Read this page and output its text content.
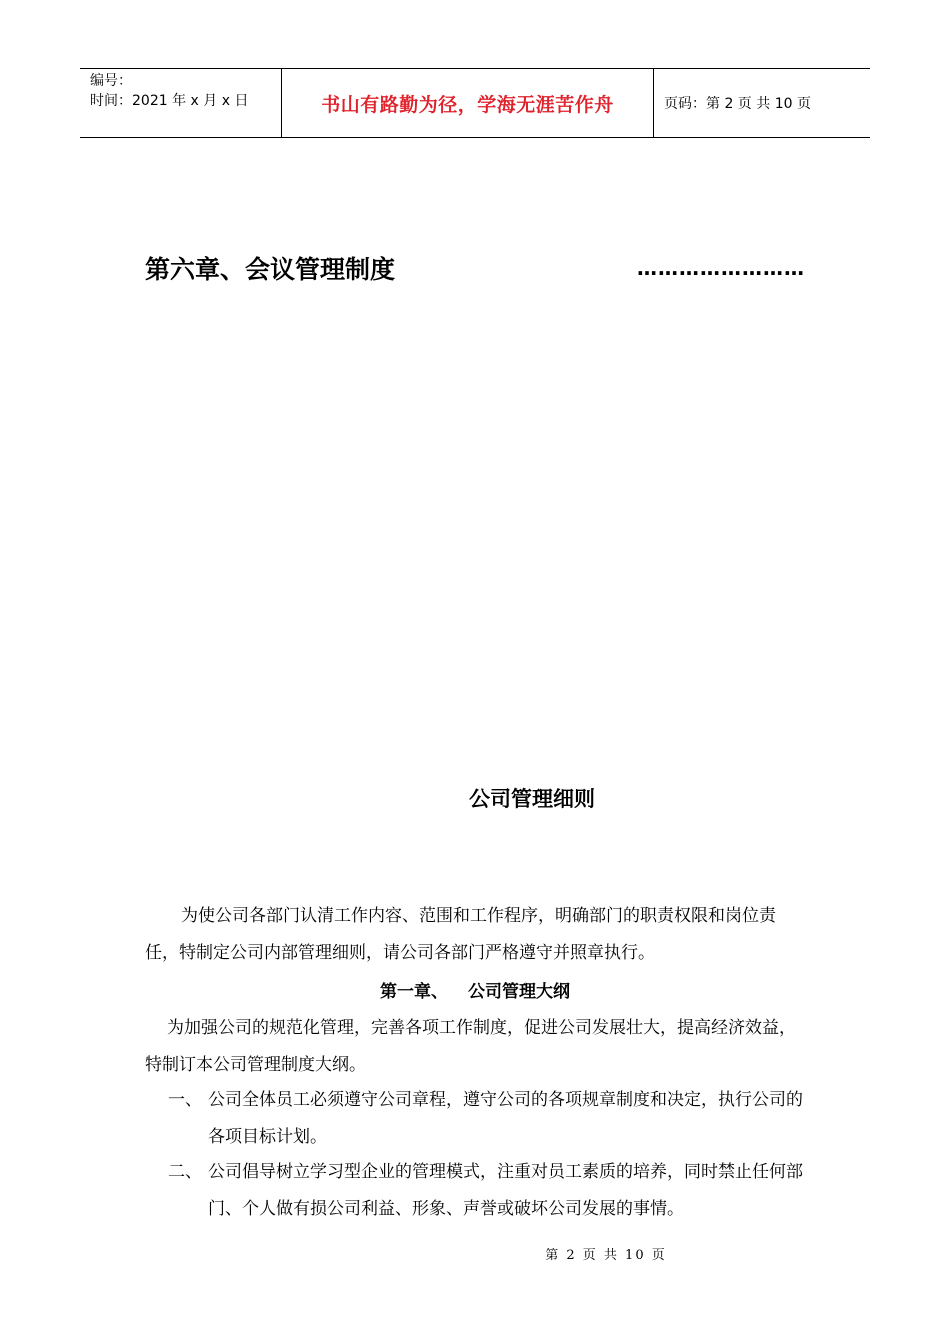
编号：
时间：2021 年 x 月 x 日	书山有路勤为径，学海无涯苦作舟	页码：第 2 页 共 10 页
第六章、会议管理制度	……………………
公司管理细则
为使公司各部门认清工作内容、范围和工作程序，明确部门的职责权限和岗位责任，特制定公司内部管理细则，请公司各部门严格遵守并照章执行。
第一章、 公司管理大纲
为加强公司的规范化管理，完善各项工作制度，促进公司发展壮大，提高经济效益，特制订本公司管理制度大纲。
一、 公司全体员工必须遵守公司章程，遵守公司的各项规章制度和决定，执行公司的各项目标计划。
二、 公司倡导树立学习型企业的管理模式，注重对员工素质的培养，同时禁止任何部门、个人做有损公司利益、形象、声誉或破坏公司发展的事情。
第 2 页 共 10 页
